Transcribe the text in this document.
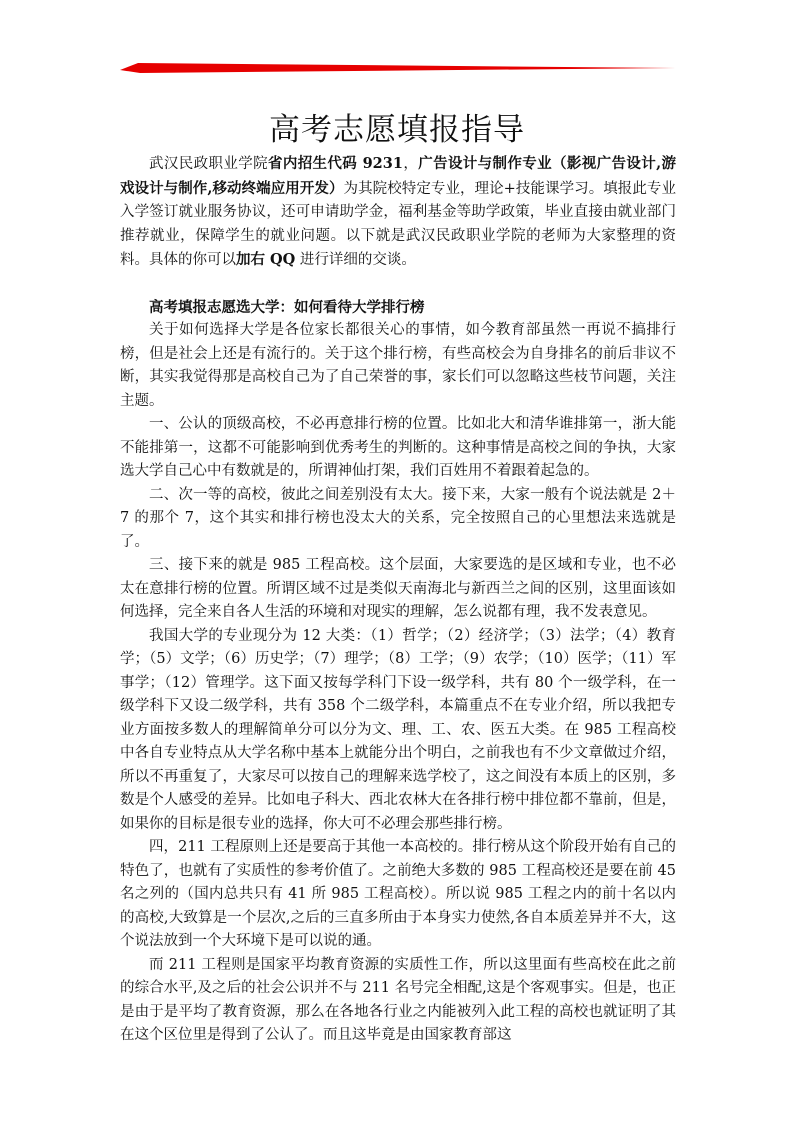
高考志愿填报指导

武汉民政职业学院省内招生代码 9231，广告设计与制作专业（影视广告设计,游戏设计与制作,移动终端应用开发）为其院校特定专业，理论+技能课学习。填报此专业入学签订就业服务协议，还可申请助学金，福利基金等助学政策，毕业直接由就业部门推荐就业，保障学生的就业问题。以下就是武汉民政职业学院的老师为大家整理的资料。具体的你可以加右 QQ 进行详细的交谈。

高考填报志愿选大学：如何看待大学排行榜

关于如何选择大学是各位家长都很关心的事情，如今教育部虽然一再说不搞排行榜，但是社会上还是有流行的。关于这个排行榜，有些高校会为自身排名的前后非议不断，其实我觉得那是高校自己为了自己荣誉的事，家长们可以忽略这些枝节问题，关注主题。

一、公认的顶级高校，不必再意排行榜的位置。比如北大和清华谁排第一，浙大能不能排第一，这都不可能影响到优秀考生的判断的。这种事情是高校之间的争执，大家选大学自己心中有数就是的，所谓神仙打架，我们百姓用不着跟着起急的。

二、次一等的高校，彼此之间差别没有太大。接下来，大家一般有个说法就是 2＋7 的那个 7，这个其实和排行榜也没太大的关系，完全按照自己的心里想法来选就是了。

三、接下来的就是 985 工程高校。这个层面，大家要选的是区域和专业，也不必太在意排行榜的位置。所谓区域不过是类似天南海北与新西兰之间的区别，这里面该如何选择，完全来自各人生活的环境和对现实的理解，怎么说都有理，我不发表意见。

我国大学的专业现分为 12 大类：（1）哲学；（2）经济学；（3）法学；（4）教育学；（5）文学；（6）历史学；（7）理学；（8）工学；（9）农学；（10）医学；（11）军事学；（12）管理学。这下面又按每学科门下设一级学科，共有 80 个一级学科，在一级学科下又设二级学科，共有 358 个二级学科，本篇重点不在专业介绍，所以我把专业方面按多数人的理解简单分可以分为文、理、工、农、医五大类。在 985 工程高校中各自专业特点从大学名称中基本上就能分出个明白，之前我也有不少文章做过介绍，所以不再重复了，大家尽可以按自己的理解来选学校了，这之间没有本质上的区别，多数是个人感受的差异。比如电子科大、西北农林大在各排行榜中排位都不靠前，但是，如果你的目标是很专业的选择，你大可不必理会那些排行榜。

四，211 工程原则上还是要高于其他一本高校的。排行榜从这个阶段开始有自己的特色了，也就有了实质性的参考价值了。之前绝大多数的 985 工程高校还是要在前 45 名之列的（国内总共只有 41 所 985 工程高校）。所以说 985 工程之内的前十名以内的高校,大致算是一个层次,之后的三直多所由于本身实力使然,各自本质差异并不大，这个说法放到一个大环境下是可以说的通。

而 211 工程则是国家平均教育资源的实质性工作，所以这里面有些高校在此之前的综合水平,及之后的社会公识并不与 211 名号完全相配,这是个客观事实。但是，也正是由于是平均了教育资源，那么在各地各行业之内能被列入此工程的高校也就证明了其在这个区位里是得到了公认了。而且这毕竟是由国家教育部这
